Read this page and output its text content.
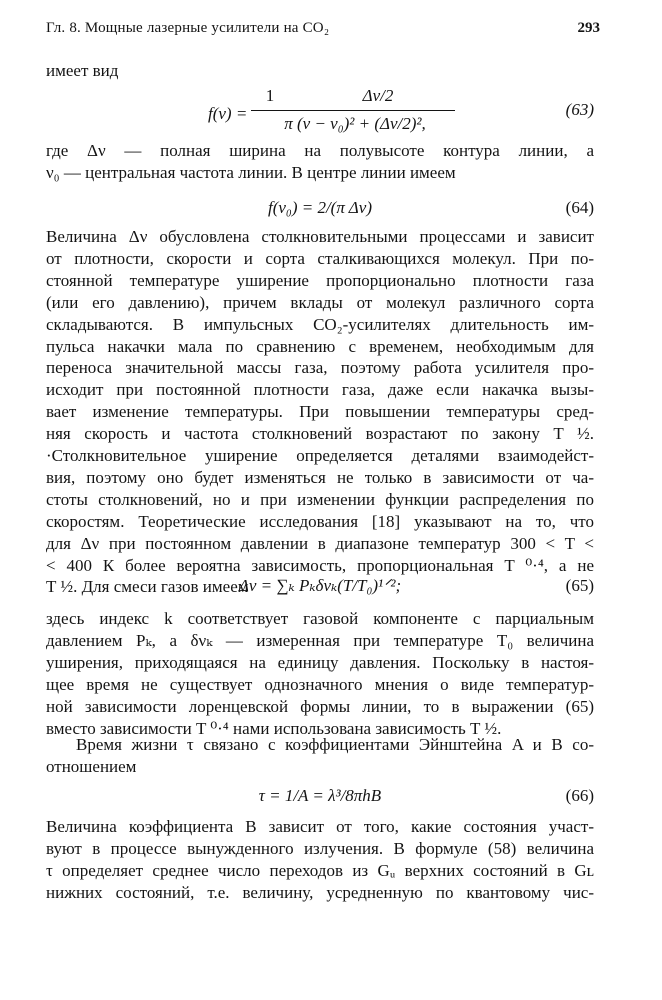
Гл. 8. Мощные лазерные усилители на CO₂	293
имеет вид
f(ν) =
1	Δν/2
π (ν − ν₀)² + (Δν/2)²,
(63)
где Δν — полная ширина на полувысоте контура линии, а
ν₀ — центральная частота линии. В центре линии имеем
f(ν₀) = 2/(π Δν)	(64)
Величина Δν обусловлена столкновительными процессами и зависит
от плотности, скорости и сорта сталкивающихся молекул. При по-
стоянной температуре уширение пропорционально плотности газа
(или его давлению), причем вклады от молекул различного сорта
складываются. В импульсных CO₂-усилителях длительность им-
пульса накачки мала по сравнению с временем, необходимым для
переноса значительной массы газа, поэтому работа усилителя про-
исходит при постоянной плотности газа, даже если накачка вызы-
вает изменение температуры. При повышении температуры сред-
няя скорость и частота столкновений возрастают по закону T ½.
·Столкновительное уширение определяется деталями взаимодейст-
вия, поэтому оно будет изменяться не только в зависимости от ча-
стоты столкновений, но и при изменении функции распределения по
скоростям. Теоретические исследования [18] указывают на то, что
для Δν при постоянном давлении в диапазоне температур 300 < T <
< 400 К более вероятна зависимость, пропорциональная T ⁰·⁴, а не
T ½. Для смеси газов имеем
Δν = ∑ₖ Pₖδνₖ(T/T₀)¹ᐟ²;	(65)
здесь индекс k соответствует газовой компоненте с парциальным
давлением Pₖ, а δνₖ — измеренная при температуре T₀ величина
уширения, приходящаяся на единицу давления. Поскольку в настоя-
щее время не существует однозначного мнения о виде температур-
ной зависимости лоренцевской формы линии, то в выражении (65)
вместо зависимости T ⁰·⁴ нами использована зависимость T ½.
Время жизни τ связано с коэффициентами Эйнштейна A и B со-
отношением
τ = 1/A = λ³/8πhB	(66)
Величина коэффициента B зависит от того, какие состояния участ-
вуют в процессе вынужденного излучения. В формуле (58) величина
τ определяет среднее число переходов из Gᵤ верхних состояний в Gʟ
нижних состояний, т.е. величину, усредненную по квантовому чис-
